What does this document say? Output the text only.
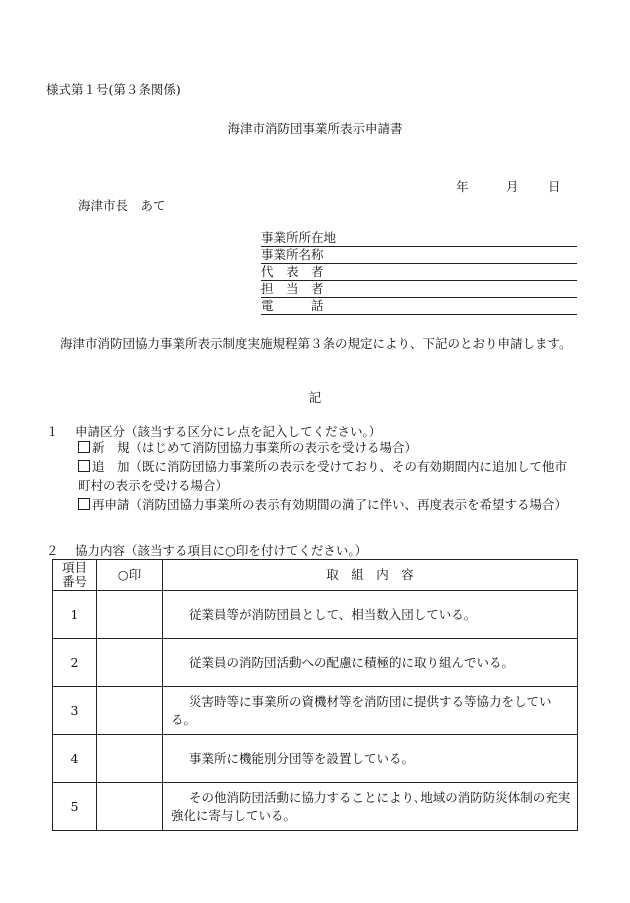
様式第１号(第３条関係)
海津市消防団事業所表示申請書
年	月 日
海津市長　あて
事業所所在地
事業所名称
代　表　者
担　当　者
電　　　話
海津市消防団協力事業所表示制度実施規程第３条の規定により、下記のとおり申請します。
記
１　 申請区分（該当する区分にレ点を記入してください。）
新　規（はじめて消防団協力事業所の表示を受ける場合）
追　加（既に消防団協力事業所の表示を受けており、その有効期間内に追加して他市町村の表示を受ける場合）
再申請（消防団協力事業所の表示有効期間の満了に伴い、再度表示を希望する場合）
２　 協力内容（該当する項目に○印を付けてください。）
項目番号	○印	取　組　内　容
1		従業員等が消防団員として、相当数入団している。
2		従業員の消防団活動への配慮に積極的に取り組んでいる。
3		災害時等に事業所の資機材等を消防団に提供する等協力をしている。
4		事業所に機能別分団等を設置している。
5		その他消防団活動に協力することにより､地域の消防防災体制の充実強化に寄与している。
